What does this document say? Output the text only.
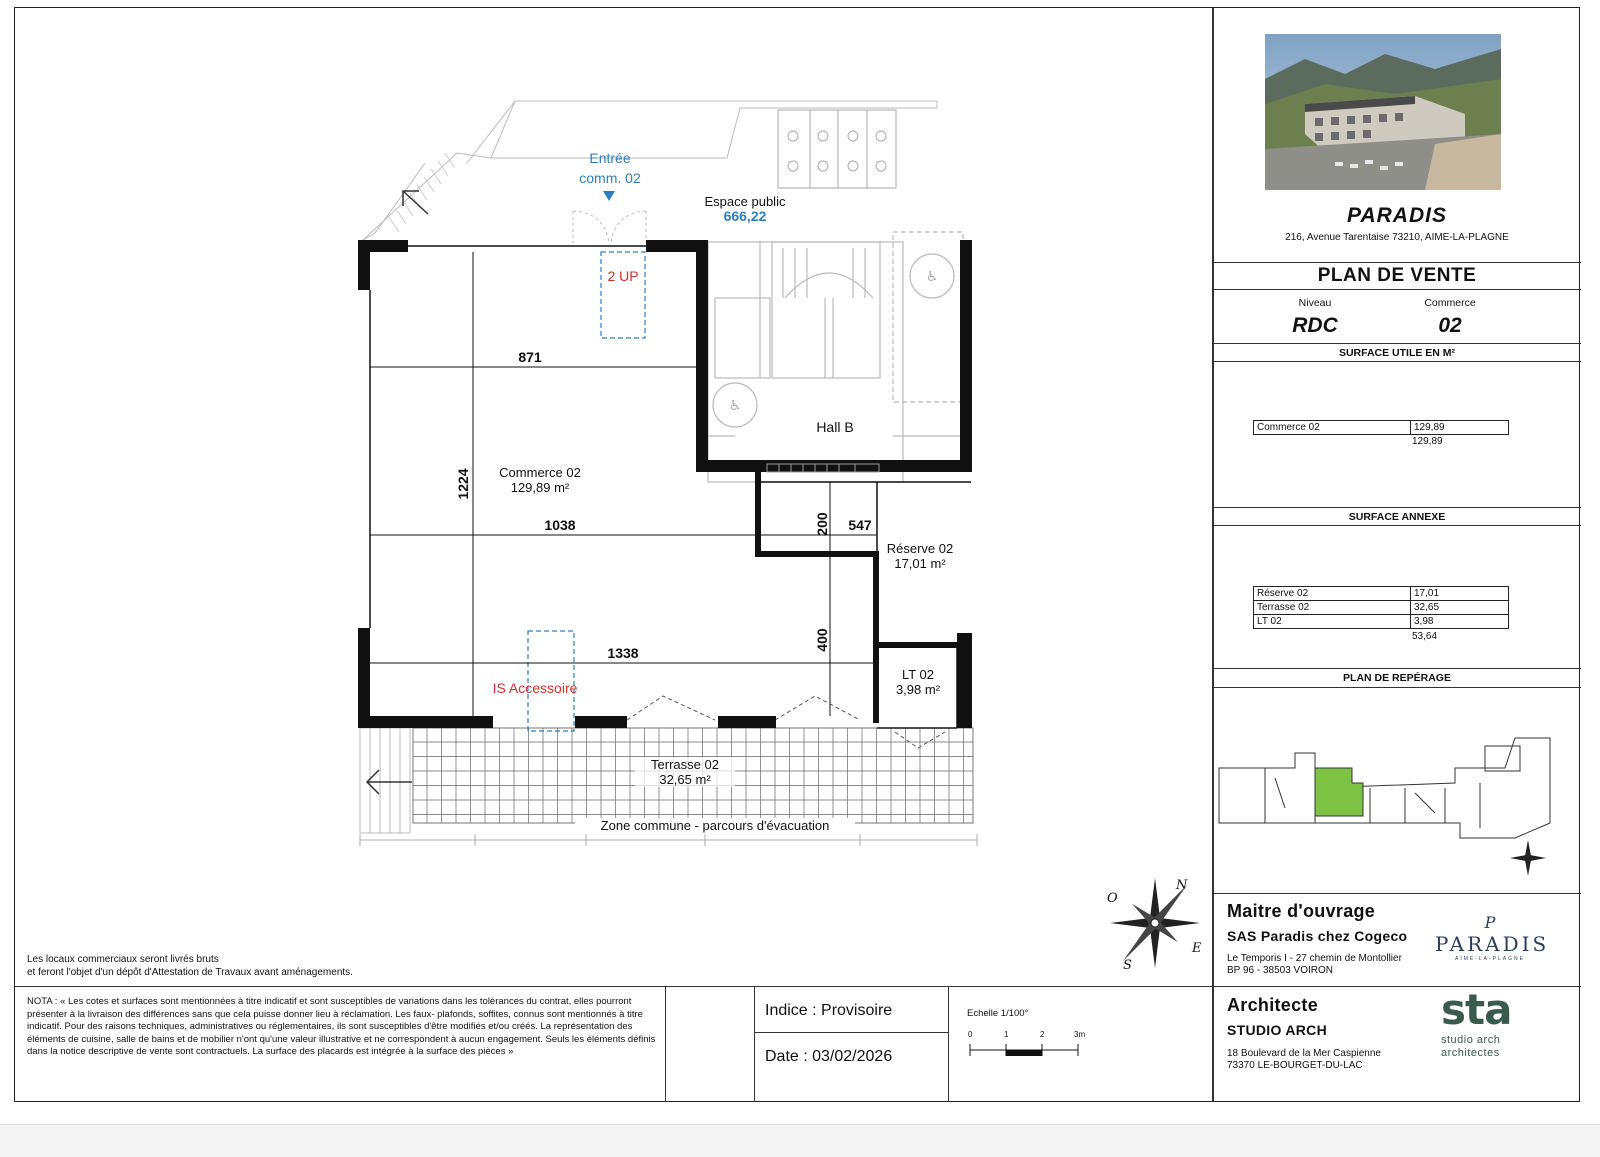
♿
♿
Entrée
comm. 02
Espace public
666,22
2 UP
Hall B
871
1224
1038	200 547
400
1338
Commerce 02
129,89 m²
Réserve 02
17,01 m²
LT 02
3,98 m²
IS Accessoire
Terrasse 02
32,65 m²
Zone commune - parcours d'évacuation
O
N
E
S
Les locaux commerciaux seront livrés bruts
et feront l'objet d'un dépôt d'Attestation de Travaux avant aménagements.
NOTA : « Les cotes et surfaces sont mentionnées à titre indicatif et sont susceptibles de variations dans les tolérances du contrat, elles pourront présenter à la livraison des différences sans que cela puisse donner lieu à réclamation. Les faux- plafonds, soffites, connus sont mentionnés à titre indicatif. Pour des raisons techniques, administratives ou réglementaires, ils sont susceptibles d'être modifiés et/ou créés. La représentation des éléments de cuisine, salle de bains et de mobilier n'ont qu'une valeur illustrative et ne correspondent à aucun engagement. Seuls les éléments définis dans la notice descriptive de vente sont contractuels. La surface des placards est intégrée à la surface des pièces »
Indice : Provisoire
Date : 03/02/2026
Echelle 1/100°
0	1	2	3m
PARADIS
216, Avenue Tarentaise 73210, AIME-LA-PLAGNE
PLAN DE VENTE
Niveau
RDC
Commerce
02
SURFACE UTILE EN M²
Commerce 02	129,89
129,89
SURFACE ANNEXE
Réserve 02	17,01
Terrasse 02	32,65
LT 02	3,98
53,64
PLAN DE REPÉRAGE
Maitre d'ouvrage
SAS Paradis chez Cogeco
Le Temporis I - 27 chemin de Montollier
BP 96 - 38503 VOIRON
P
PARADIS
AIME-LA-PLAGNE
Architecte
STUDIO ARCH
18 Boulevard de la Mer Caspienne
73370 LE-BOURGET-DU-LAC
sta
studio arch
architectes
